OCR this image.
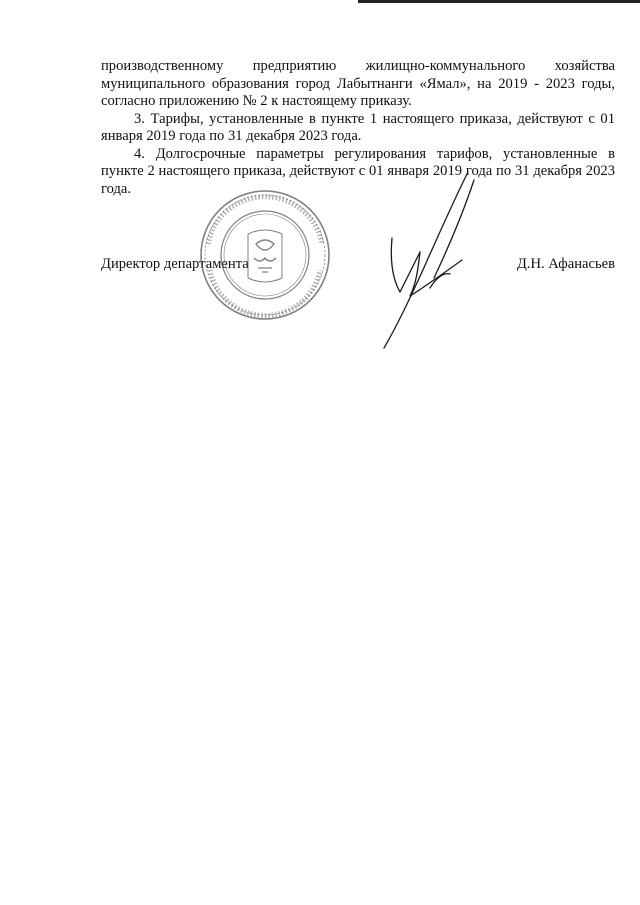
производственному предприятию жилищно-коммунального хозяйства муниципального образования город Лабытнанги «Ямал», на 2019 - 2023 годы, согласно приложению № 2 к настоящему приказу.

3. Тарифы, установленные в пункте 1 настоящего приказа, действуют с 01 января 2019 года по 31 декабря 2023 года.

4. Долгосрочные параметры регулирования тарифов, установленные в пункте 2 настоящего приказа, действуют с 01 января 2019 года по 31 декабря 2023 года.

Директор департамента	Д.Н. Афанасьев
